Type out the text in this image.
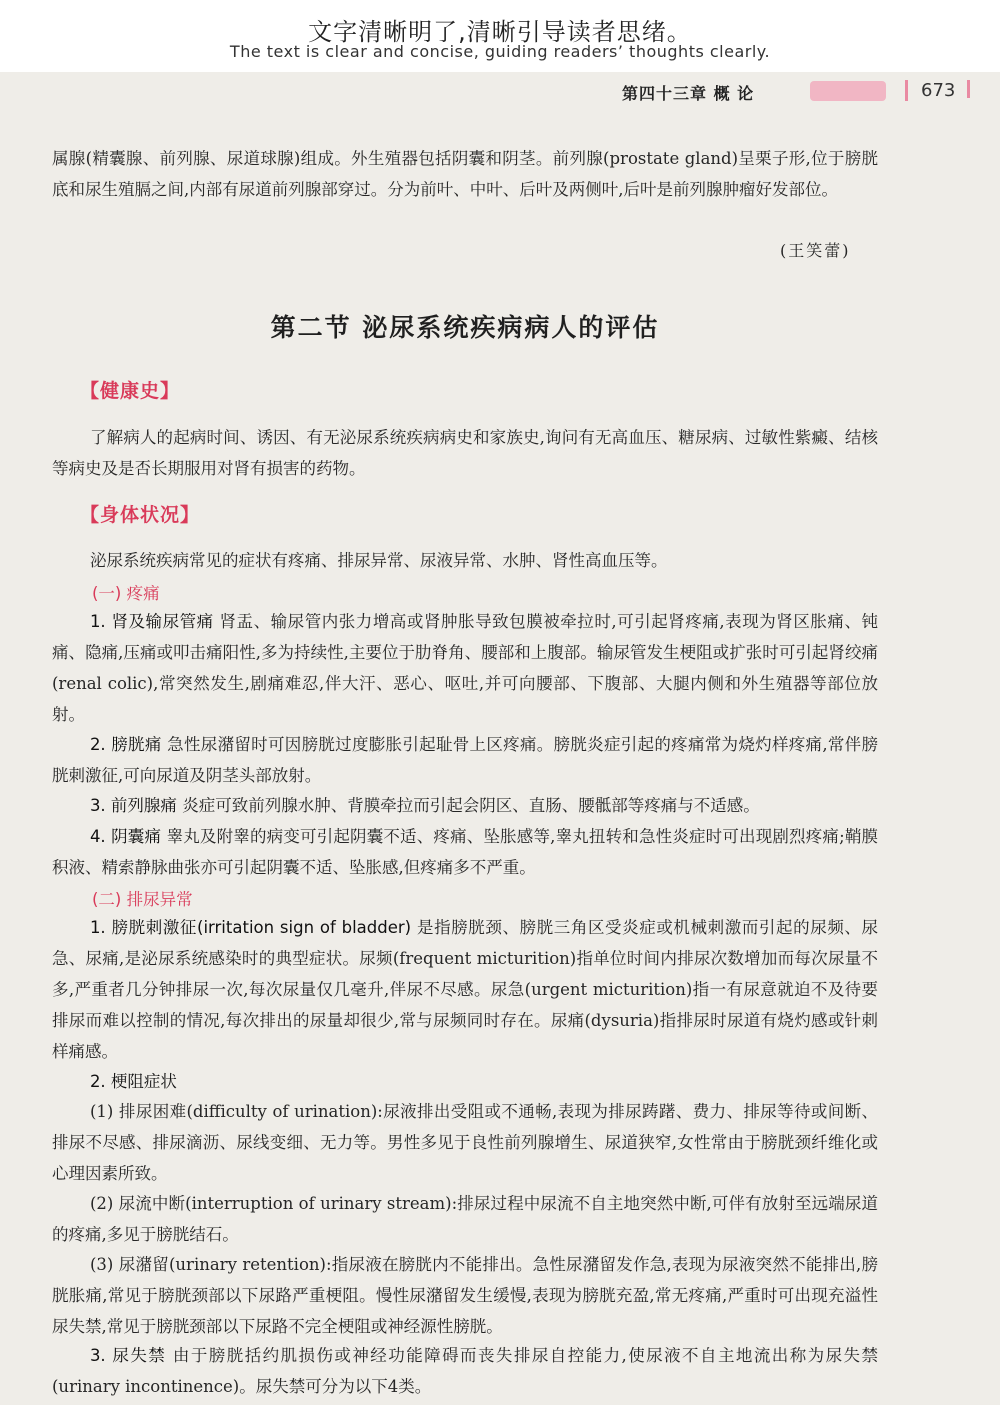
文字清晰明了,清晰引导读者思绪。
The text is clear and concise, guiding readers’ thoughts clearly.
第四十三章 概 论	673

属腺(精囊腺、前列腺、尿道球腺)组成。外生殖器包括阴囊和阴茎。前列腺(prostate gland)呈栗子形,位于膀胱底和尿生殖膈之间,内部有尿道前列腺部穿过。分为前叶、中叶、后叶及两侧叶,后叶是前列腺肿瘤好发部位。

(王笑蕾)
第二节 泌尿系统疾病病人的评估
【健康史】

了解病人的起病时间、诱因、有无泌尿系统疾病病史和家族史,询问有无高血压、糖尿病、过敏性紫癜、结核等病史及是否长期服用对肾有损害的药物。

【身体状况】

泌尿系统疾病常见的症状有疼痛、排尿异常、尿液异常、水肿、肾性高血压等。

(一) 疼痛

1. 肾及输尿管痛 肾盂、输尿管内张力增高或肾肿胀导致包膜被牵拉时,可引起肾疼痛,表现为肾区胀痛、钝痛、隐痛,压痛或叩击痛阳性,多为持续性,主要位于肋脊角、腰部和上腹部。输尿管发生梗阻或扩张时可引起肾绞痛(renal colic),常突然发生,剧痛难忍,伴大汗、恶心、呕吐,并可向腰部、下腹部、大腿内侧和外生殖器等部位放射。

2. 膀胱痛 急性尿潴留时可因膀胱过度膨胀引起耻骨上区疼痛。膀胱炎症引起的疼痛常为烧灼样疼痛,常伴膀胱刺激征,可向尿道及阴茎头部放射。

3. 前列腺痛 炎症可致前列腺水肿、背膜牵拉而引起会阴区、直肠、腰骶部等疼痛与不适感。

4. 阴囊痛 睾丸及附睾的病变可引起阴囊不适、疼痛、坠胀感等,睾丸扭转和急性炎症时可出现剧烈疼痛;鞘膜积液、精索静脉曲张亦可引起阴囊不适、坠胀感,但疼痛多不严重。

(二) 排尿异常

1. 膀胱刺激征(irritation sign of bladder) 是指膀胱颈、膀胱三角区受炎症或机械刺激而引起的尿频、尿急、尿痛,是泌尿系统感染时的典型症状。尿频(frequent micturition)指单位时间内排尿次数增加而每次尿量不多,严重者几分钟排尿一次,每次尿量仅几毫升,伴尿不尽感。尿急(urgent micturition)指一有尿意就迫不及待要排尿而难以控制的情况,每次排出的尿量却很少,常与尿频同时存在。尿痛(dysuria)指排尿时尿道有烧灼感或针刺样痛感。

2. 梗阻症状

(1) 排尿困难(difficulty of urination):尿液排出受阻或不通畅,表现为排尿踌躇、费力、排尿等待或间断、排尿不尽感、排尿滴沥、尿线变细、无力等。男性多见于良性前列腺增生、尿道狭窄,女性常由于膀胱颈纤维化或心理因素所致。

(2) 尿流中断(interruption of urinary stream):排尿过程中尿流不自主地突然中断,可伴有放射至远端尿道的疼痛,多见于膀胱结石。

(3) 尿潴留(urinary retention):指尿液在膀胱内不能排出。急性尿潴留发作急,表现为尿液突然不能排出,膀胱胀痛,常见于膀胱颈部以下尿路严重梗阻。慢性尿潴留发生缓慢,表现为膀胱充盈,常无疼痛,严重时可出现充溢性尿失禁,常见于膀胱颈部以下尿路不完全梗阻或神经源性膀胱。

3. 尿失禁 由于膀胱括约肌损伤或神经功能障碍而丧失排尿自控能力,使尿液不自主地流出称为尿失禁(urinary incontinence)。尿失禁可分为以下4类。
